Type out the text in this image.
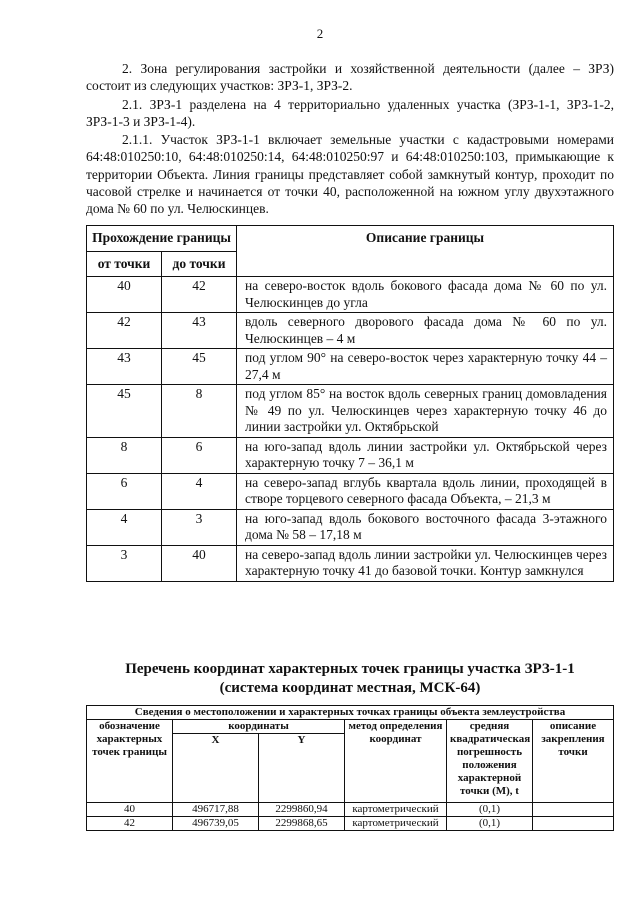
2

2. Зона регулирования застройки и хозяйственной деятельности (далее – ЗРЗ) состоит из следующих участков: ЗРЗ-1, ЗРЗ-2.

2.1. ЗРЗ-1 разделена на 4 территориально удаленных участка (ЗРЗ-1-1, ЗРЗ-1-2, ЗРЗ-1-3 и ЗРЗ-1-4).

2.1.1. Участок ЗРЗ-1-1 включает земельные участки с кадастровыми номерами 64:48:010250:10, 64:48:010250:14, 64:48:010250:97 и 64:48:010250:103, примыкающие к территории Объекта. Линия границы представляет собой замкнутый контур, проходит по часовой стрелке и начинается от точки 40, расположенной на южном углу двухэтажного дома № 60 по ул. Челюскинцев.

Прохождение границы		Описание границы
от точки	до точки	
40	42	на северо-восток вдоль бокового фасада дома № 60 по ул. Челюскинцев до угла
42	43	вдоль северного дворового фасада дома № 60 по ул. Челюскинцев – 4 м
43	45	под углом 90° на северо-восток через характерную точку 44 – 27,4 м
45	8	под углом 85° на восток вдоль северных границ домовладения № 49 по ул. Челюскинцев через характерную точку 46 до линии застройки ул. Октябрьской
8	6	на юго-запад вдоль линии застройки ул. Октябрьской через характерную точку 7 – 36,1 м
6	4	на северо-запад вглубь квартала вдоль линии, проходящей в створе торцевого северного фасада Объекта, – 21,3 м
4	3	на юго-запад вдоль бокового восточного фасада 3-этажного дома № 58 – 17,18 м
3	40	на северо-запад вдоль линии застройки ул. Челюскинцев через характерную точку 41 до базовой точки. Контур замкнулся
Перечень координат характерных точек границы участка ЗРЗ-1-1
(система координат местная, МСК-64)
Сведения о местоположении и характерных точках границы объекта землеустройства					
обозначение характерных точек границы	координаты		метод определения координат	средняя квадратическая погрешность положения характерной точки (М), t	описание закрепления точки
	X	Y			
40	496717,88	2299860,94	картометрический	(0,1)	
42	496739,05	2299868,65	картометрический	(0,1)	
